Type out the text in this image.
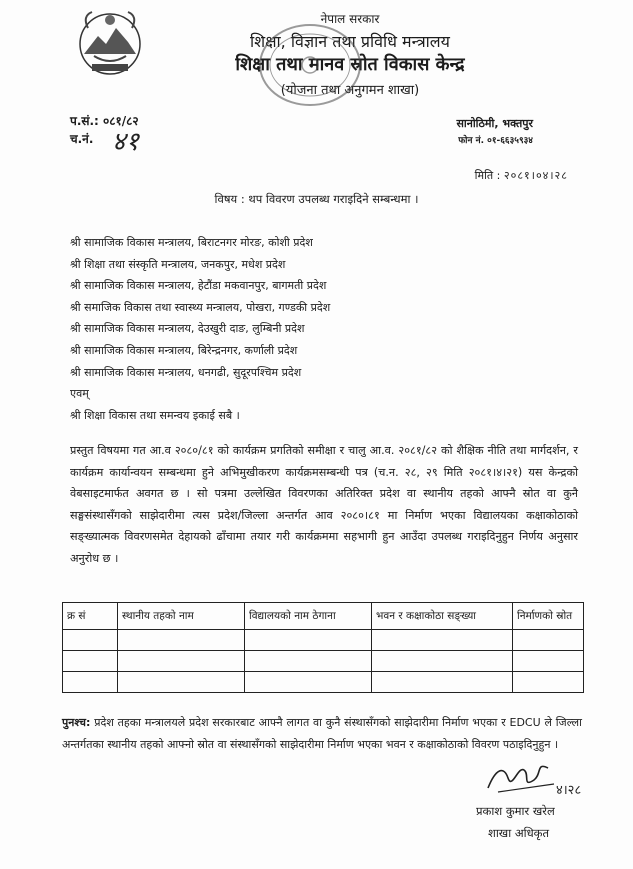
नेपाल सरकार
शिक्षा, विज्ञान तथा प्रविधि मन्त्रालय
शिक्षा तथा मानव स्रोत विकास केन्द्र
(योजना तथा अनुगमन शाखा)
प.सं.: ०८१/८२
च.नं. ४१
सानोठिमी, भक्तपुर
फोन नं. ०१-६६३५९३४
मिति : २०८१।०४।२८
विषय : थप विवरण उपलब्ध गराइदिने सम्बन्धमा ।
श्री सामाजिक विकास मन्त्रालय, बिराटनगर मोरङ, कोशी प्रदेश
श्री शिक्षा तथा संस्कृति मन्त्रालय, जनकपुर, मधेश प्रदेश
श्री सामाजिक विकास मन्त्रालय, हेटौंडा मकवानपुर, बागमती प्रदेश
श्री समाजिक विकास तथा स्वास्थ्य मन्त्रालय, पोखरा, गण्डकी प्रदेश
श्री सामाजिक विकास मन्त्रालय, देउखुरी दाङ, लुम्बिनी प्रदेश
श्री सामाजिक विकास मन्त्रालय, बिरेन्द्रनगर, कर्णाली प्रदेश
श्री सामाजिक विकास मन्त्रालय, धनगढी, सुदूरपश्चिम प्रदेश
एवम्
श्री शिक्षा विकास तथा समन्वय इकाई सबै ।
प्रस्तुत विषयमा गत आ.व २०८०/८१ को कार्यक्रम प्रगतिको समीक्षा र चालु आ.व. २०८१/८२ को शैक्षिक नीति तथा मार्गदर्शन, र कार्यक्रम कार्यान्वयन सम्बन्धमा हुने अभिमुखीकरण कार्यक्रमसम्बन्धी पत्र (च.न. २८, २९ मिति २०८१।४।२१) यस केन्द्रको वेबसाइटमार्फत अवगत छ । सो पत्रमा उल्लेखित विवरणका अतिरिक्त प्रदेश वा स्थानीय तहको आफ्नै स्रोत वा कुनै सङ्घसंस्थासँगको साझेदारीमा त्यस प्रदेश/जिल्ला अन्तर्गत आव २०८०।८१ मा निर्माण भएका विद्यालयका कक्षाकोठाको सङ्ख्यात्मक विवरणसमेत देहायको ढाँचामा तयार गरी कार्यक्रममा सहभागी हुन आउँदा उपलब्ध गराइदिनुहुन निर्णय अनुसार अनुरोध छ ।
क्र सं	स्थानीय तहको नाम	विद्यालयको नाम ठेगाना	भवन र कक्षाकोठा सङ्ख्या	निर्माणको स्रोत

पुनश्च: प्रदेश तहका मन्त्रालयले प्रदेश सरकारबाट आफ्नै लागत वा कुनै संस्थासँगको साझेदारीमा निर्माण भएका र EDCU ले जिल्ला अन्तर्गतका स्थानीय तहको आफ्नो स्रोत वा संस्थासँगको साझेदारीमा निर्माण भएका भवन र कक्षाकोठाको विवरण पठाइदिनुहुन ।
४।२८
प्रकाश कुमार खरेल
शाखा अधिकृत
